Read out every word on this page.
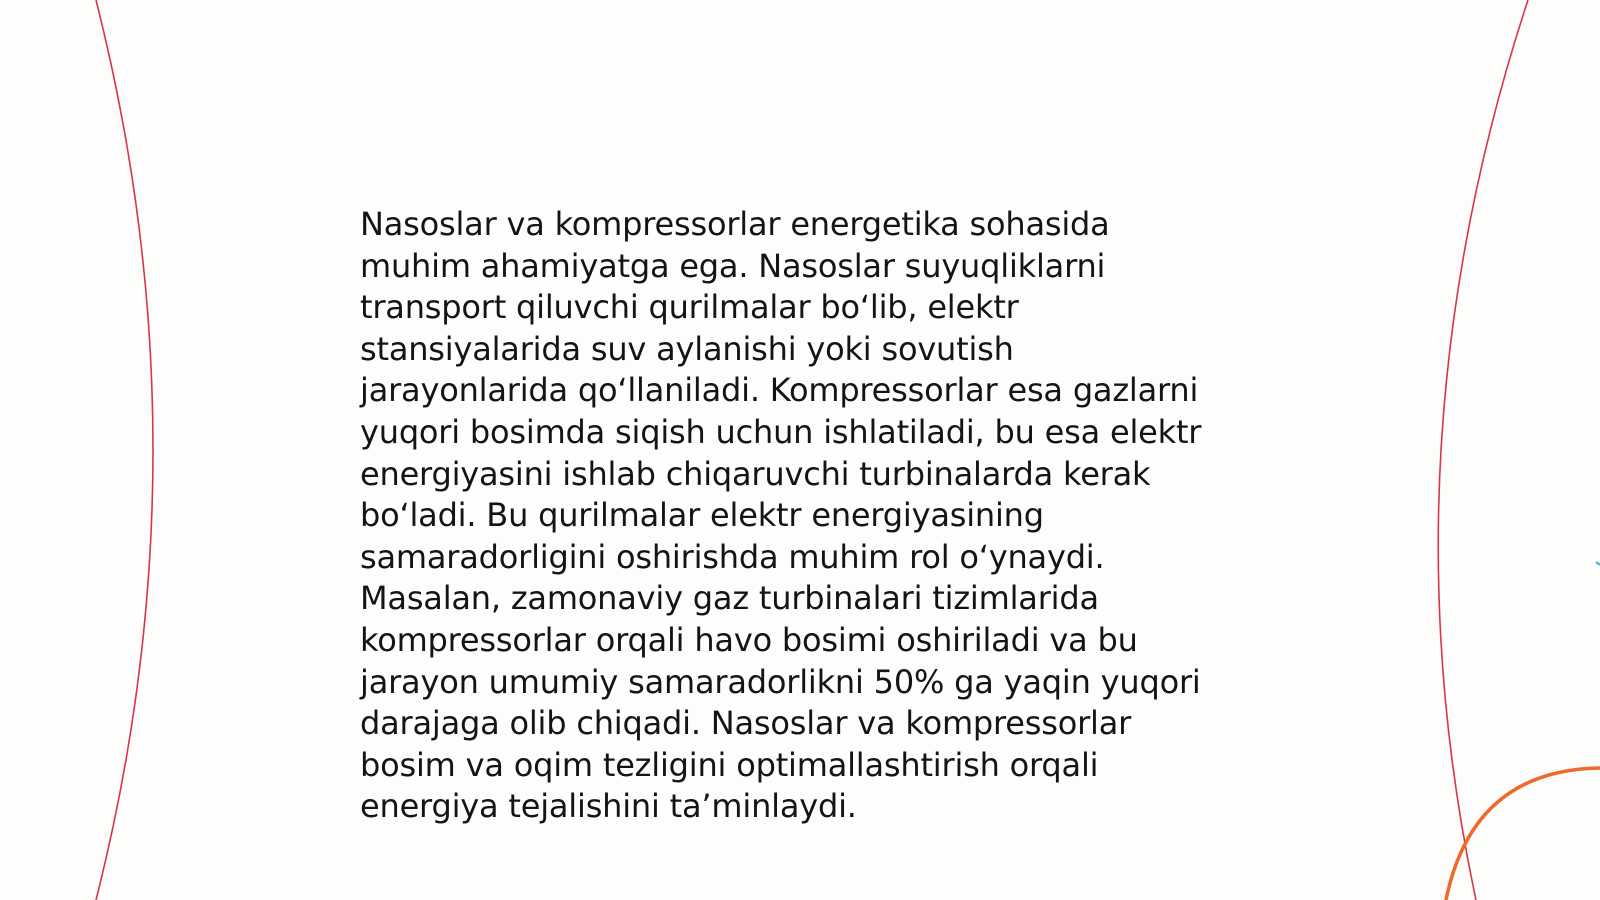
Nasoslar va kompressorlar energetika sohasida
muhim ahamiyatga ega. Nasoslar suyuqliklarni
transport qiluvchi qurilmalar bo‘lib, elektr
stansiyalarida suv aylanishi yoki sovutish
jarayonlarida qo‘llaniladi. Kompressorlar esa gazlarni
yuqori bosimda siqish uchun ishlatiladi, bu esa elektr
energiyasini ishlab chiqaruvchi turbinalarda kerak
bo‘ladi. Bu qurilmalar elektr energiyasining
samaradorligini oshirishda muhim rol o‘ynaydi.
Masalan, zamonaviy gaz turbinalari tizimlarida
kompressorlar orqali havo bosimi oshiriladi va bu
jarayon umumiy samaradorlikni 50% ga yaqin yuqori
darajaga olib chiqadi. Nasoslar va kompressorlar
bosim va oqim tezligini optimallashtirish orqali
energiya tejalishini ta’minlaydi.
